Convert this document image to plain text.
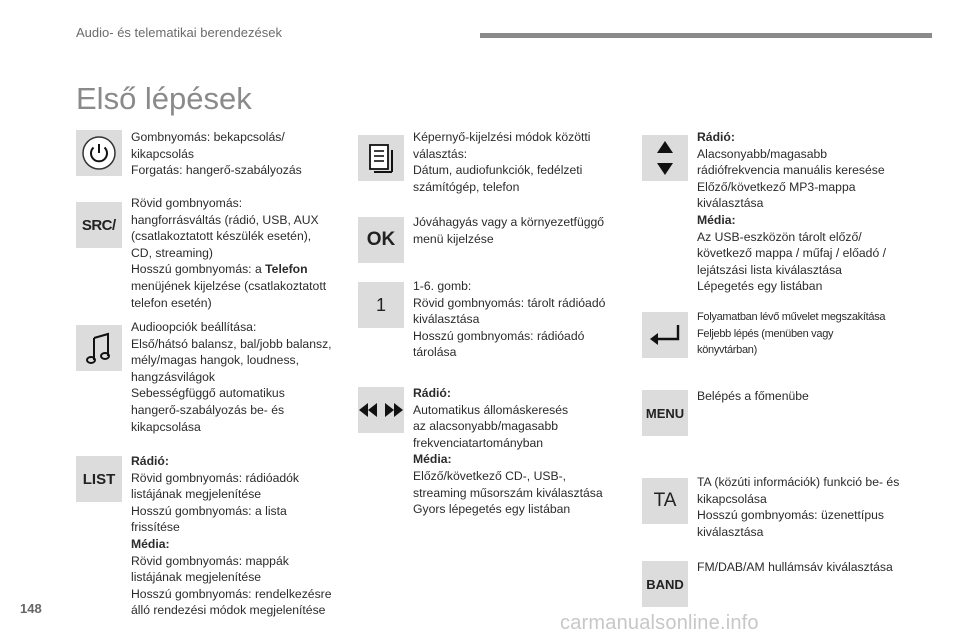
Audio- és telematikai berendezések
Első lépések
Gombnyomás: bekapcsolás/
kikapcsolás
Forgatás: hangerő-szabályozás
SRC /
Rövid gombnyomás:
hangforrásváltás (rádió, USB, AUX
(csatlakoztatott készülék esetén),
CD, streaming)
Hosszú gombnyomás: a Telefon
menüjének kijelzése (csatlakoztatott
telefon esetén)
Audioopciók beállítása:
Első/hátsó balansz, bal/jobb balansz,
mély/magas hangok, loudness,
hangzásvilágok
Sebességfüggő automatikus
hangerő-szabályozás be- és
kikapcsolása
LIST
Rádió:
Rövid gombnyomás: rádióadók
listájának megjelenítése
Hosszú gombnyomás: a lista
frissítése
Média:
Rövid gombnyomás: mappák
listájának megjelenítése
Hosszú gombnyomás: rendelkezésre
álló rendezési módok megjelenítése
Képernyő-kijelzési módok közötti
választás:
Dátum, audiofunkciók, fedélzeti
számítógép, telefon
OK
Jóváhagyás vagy a környezetfüggő
menü kijelzése
1
1-6. gomb:
Rövid gombnyomás: tárolt rádióadó
kiválasztása
Hosszú gombnyomás: rádióadó
tárolása
Rádió:
Automatikus állomáskeresés
az alacsonyabb/magasabb
frekvenciatartományban
Média:
Előző/következő CD-, USB-,
streaming műsorszám kiválasztása
Gyors lépegetés egy listában
Rádió:
Alacsonyabb/magasabb
rádiófrekvencia manuális keresése
Előző/következő MP3-mappa
kiválasztása
Média:
Az USB-eszközön tárolt előző/
következő mappa / műfaj / előadó /
lejátszási lista kiválasztása
Lépegetés egy listában
Folyamatban lévő művelet megszakítása
Feljebb lépés (menüben vagy
könyvtárban)
MENU
Belépés a főmenübe
TA
TA (közúti információk) funkció be- és
kikapcsolása
Hosszú gombnyomás: üzenettípus
kiválasztása
BAND
FM/DAB/AM hullámsáv kiválasztása
148
carmanualsonline.info
